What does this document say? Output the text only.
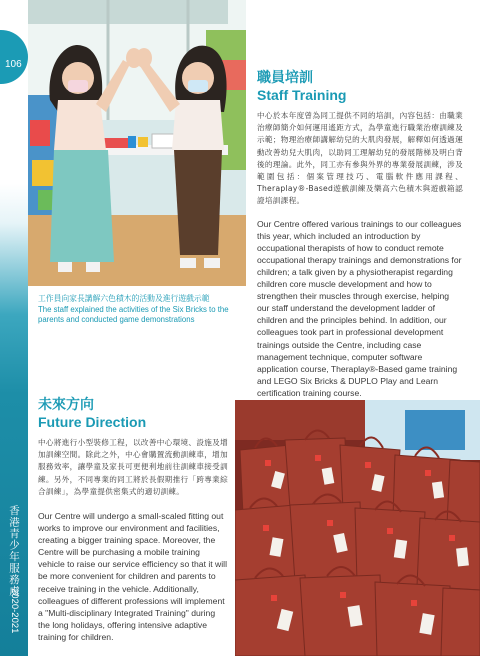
106
香港青少年服務處
2020-2021

工作員向家長講解六色積木的活動及進行遊戲示範

The staff explained the activities of the Six Bricks to the parents and conducted game demonstrations

職員培訓
Staff Training

中心於本年度曾為同工提供不同的培訓，內容包括：由職業治療師簡介如何運用遙距方式，為學童進行職業治療訓練及示範；物理治療師講解幼兒的大肌肉發展，解釋如何透過運動改善幼兒大肌肉，以助同工理解幼兒的發展階梯及明白背後的理論。此外，同工亦有參與外界的專業發展訓練，涉及範圍包括：個案管理技巧、電腦軟件應用課程、Theraplay®-Based遊戲訓練及樂高六色積木與遊戲箱認證培訓課程。

Our Centre offered various trainings to our colleagues this year, which included an introduction by occupational therapists of how to conduct remote occupational therapy trainings and demonstrations for children; a talk given by a physiotherapist regarding children core muscle development and how to strengthen their muscles through exercise, helping our staff understand the development ladder of children and the principles behind. In addition, our colleagues took part in professional development trainings outside the Centre, including case management technique, computer software application course, Theraplay®-Based game training and LEGO Six Bricks & DUPLO Play and Learn certification training course.

未來方向
Future Direction

中心將進行小型裝修工程，以改善中心環境、設施及增加訓練空間。除此之外，中心會購置流動訓練車，增加服務效率，讓學童及家長可更便利地前往訓練車接受訓練。另外，不同專業的同工將於長假期推行「跨專業綜合訓練」，為學童提供密集式的適切訓練。

Our Centre will undergo a small-scaled fitting out works to improve our environment and facilities, creating a bigger training space. Moreover, the Centre will be purchasing a mobile training vehicle to raise our service efficiency so that it will be more convenient for children and parents to receive training in the vehicle. Additionally, colleagues of different professions will implement a "Multi-disciplinary Integrated Training" during the long holidays, offering intensive adaptive training for children.
